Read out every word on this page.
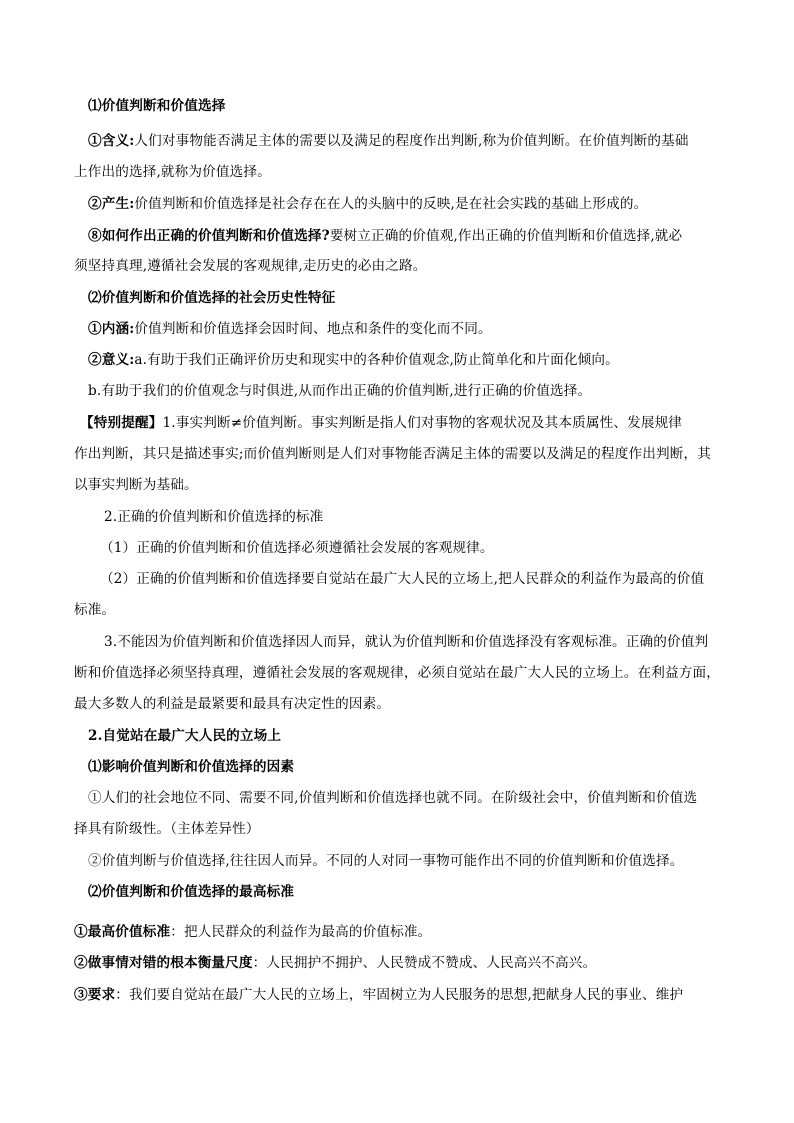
⑴价值判断和价值选择
①含义:人们对事物能否满足主体的需要以及满足的程度作出判断,称为价值判断。在价值判断的基础
上作出的选择,就称为价值选择。
②产生:价值判断和价值选择是社会存在在人的头脑中的反映,是在社会实践的基础上形成的。
⑧如何作出正确的价值判断和价值选择?要树立正确的价值观,作出正确的价值判断和价值选择,就必
须坚持真理,遵循社会发展的客观规律,走历史的必由之路。
⑵价值判断和价值选择的社会历史性特征
①内涵:价值判断和价值选择会因时间、地点和条件的变化而不同。
②意义:a.有助于我们正确评价历史和现实中的各种价值观念,防止简单化和片面化倾向。
b.有助于我们的价值观念与时俱进,从而作出正确的价值判断,进行正确的价值选择。
【特别提醒】1.事实判断≠价值判断。事实判断是指人们对事物的客观状况及其本质属性、发展规律
作出判断，其只是描述事实;而价值判断则是人们对事物能否满足主体的需要以及满足的程度作出判断，其
以事实判断为基础。
2.正确的价值判断和价值选择的标准
（1）正确的价值判断和价值选择必须遵循社会发展的客观规律。
（2）正确的价值判断和价值选择要自觉站在最广大人民的立场上,把人民群众的利益作为最高的价值
标准。
3.不能因为价值判断和价值选择因人而异，就认为价值判断和价值选择没有客观标准。正确的价值判
断和价值选择必须坚持真理，遵循社会发展的客观规律，必须自觉站在最广大人民的立场上。在利益方面，
最大多数人的利益是最紧要和最具有决定性的因素。
2.自觉站在最广大人民的立场上
⑴影响价值判断和价值选择的因素
①人们的社会地位不同、需要不同,价值判断和价值选择也就不同。在阶级社会中，价值判断和价值选
择具有阶级性。（主体差异性）
②价值判断与价值选择,往往因人而异。不同的人对同一事物可能作出不同的价值判断和价值选择。
⑵价值判断和价值选择的最高标准
①最高价值标准：把人民群众的利益作为最高的价值标准。
②做事情对错的根本衡量尺度：人民拥护不拥护、人民赞成不赞成、人民高兴不高兴。
③要求：我们要自觉站在最广大人民的立场上，牢固树立为人民服务的思想,把献身人民的事业、维护
